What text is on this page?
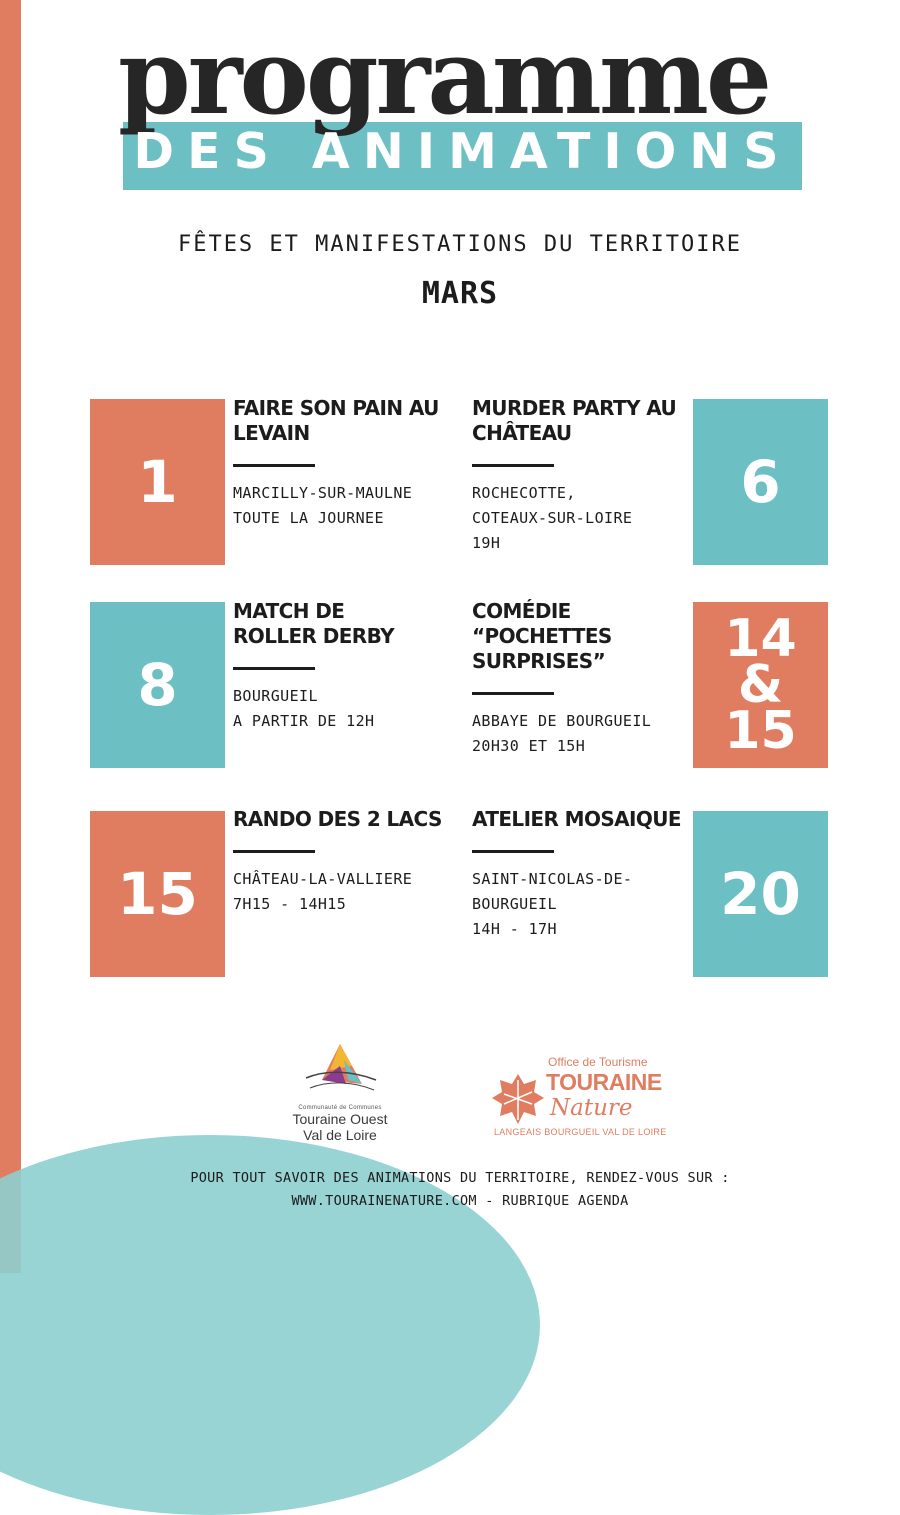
programme
DES ANIMATIONS
FÊTES ET MANIFESTATIONS DU TERRITOIRE
MARS
1
FAIRE SON PAIN AU
LEVAIN
MARCILLY-SUR-MAULNE
TOUTE LA JOURNEE
MURDER PARTY AU
CHÂTEAU
ROCHECOTTE,
COTEAUX-SUR-LOIRE
19H
6
8
MATCH DE
ROLLER DERBY
BOURGUEIL
A PARTIR DE 12H
COMÉDIE
“POCHETTES
SURPRISES”
ABBAYE DE BOURGUEIL
20H30 ET 15H
14
&
15
15
RANDO DES 2 LACS
CHÂTEAU-LA-VALLIERE
7H15 - 14H15
ATELIER MOSAIQUE
SAINT-NICOLAS-DE-
BOURGUEIL
14H - 17H
20
Communauté de Communes
Touraine Ouest
Val de Loire
Office de Tourisme
TOURAINE
Nature
LANGEAIS BOURGUEIL VAL DE LOIRE
POUR TOUT SAVOIR DES ANIMATIONS DU TERRITOIRE, RENDEZ-VOUS SUR :
WWW.TOURAINENATURE.COM - RUBRIQUE AGENDA
